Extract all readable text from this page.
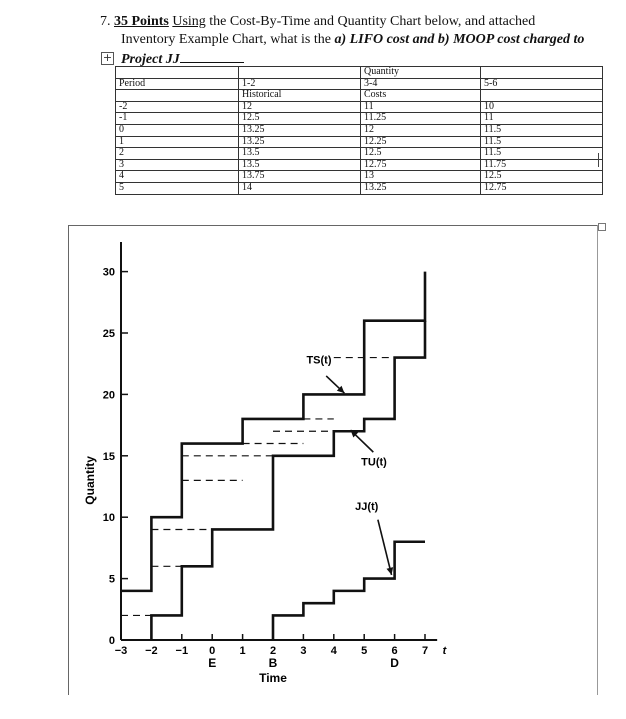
7. 35 Points Using the Cost-By-Time and Quantity Chart below, and attached
Inventory Example Chart, what is the a) LIFO cost and b) MOOP cost charged to
+ Project JJ
		Quantity	
Period	1-2	3-4	5-6
	Historical	Costs	
-2	12	11	10
-1	12.5	11.25	11
0	13.25	12	11.5
1	13.25	12.25	11.5
2	13.5	12.5	11.5
3	13.5	12.75	11.75
4	13.75	13	12.5
5	14	13.25	12.75
0
5
10
15
20
25
30
−3 −2 −1 0 1 2 3 4 5 6 7 t
E	B	D
Time
Quantity
TS(t)
TU(t)
JJ(t)
